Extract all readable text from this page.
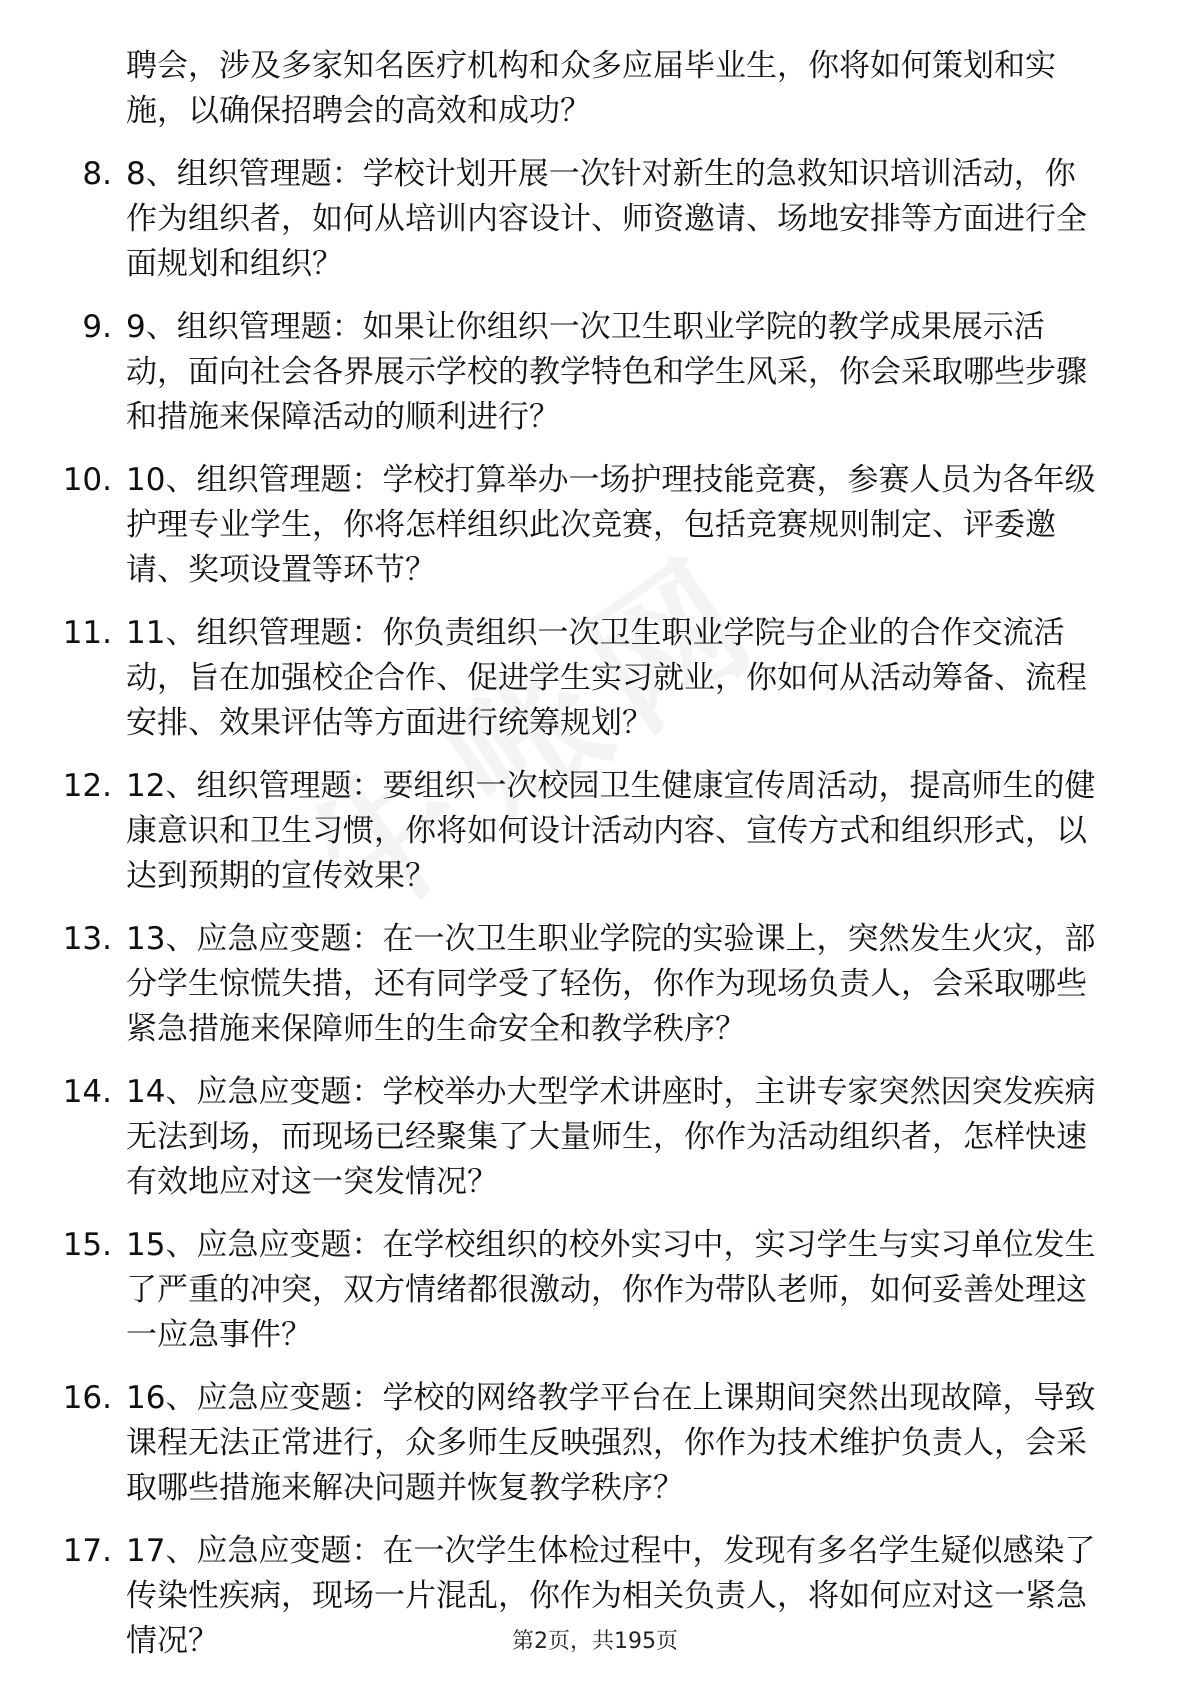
聘会，涉及多家知名医疗机构和众多应届毕业生，你将如何策划和实施，以确保招聘会的高效和成功？
8. 8、组织管理题：学校计划开展一次针对新生的急救知识培训活动，你作为组织者，如何从培训内容设计、师资邀请、场地安排等方面进行全面规划和组织？
9. 9、组织管理题：如果让你组织一次卫生职业学院的教学成果展示活动，面向社会各界展示学校的教学特色和学生风采，你会采取哪些步骤和措施来保障活动的顺利进行？
10. 10、组织管理题：学校打算举办一场护理技能竞赛，参赛人员为各年级护理专业学生，你将怎样组织此次竞赛，包括竞赛规则制定、评委邀请、奖项设置等环节？
11. 11、组织管理题：你负责组织一次卫生职业学院与企业的合作交流活动，旨在加强校企合作、促进学生实习就业，你如何从活动筹备、流程安排、效果评估等方面进行统筹规划？
12. 12、组织管理题：要组织一次校园卫生健康宣传周活动，提高师生的健康意识和卫生习惯，你将如何设计活动内容、宣传方式和组织形式，以达到预期的宣传效果？
13. 13、应急应变题：在一次卫生职业学院的实验课上，突然发生火灾，部分学生惊慌失措，还有同学受了轻伤，你作为现场负责人，会采取哪些紧急措施来保障师生的生命安全和教学秩序？
14. 14、应急应变题：学校举办大型学术讲座时，主讲专家突然因突发疾病无法到场，而现场已经聚集了大量师生，你作为活动组织者，怎样快速有效地应对这一突发情况？
15. 15、应急应变题：在学校组织的校外实习中，实习学生与实习单位发生了严重的冲突，双方情绪都很激动，你作为带队老师，如何妥善处理这一应急事件？
16. 16、应急应变题：学校的网络教学平台在上课期间突然出现故障，导致课程无法正常进行，众多师生反映强烈，你作为技术维护负责人，会采取哪些措施来解决问题并恢复教学秩序？
17. 17、应急应变题：在一次学生体检过程中，发现有多名学生疑似感染了传染性疾病，现场一片混乱，你作为相关负责人，将如何应对这一紧急情况？	第2页，共195页
